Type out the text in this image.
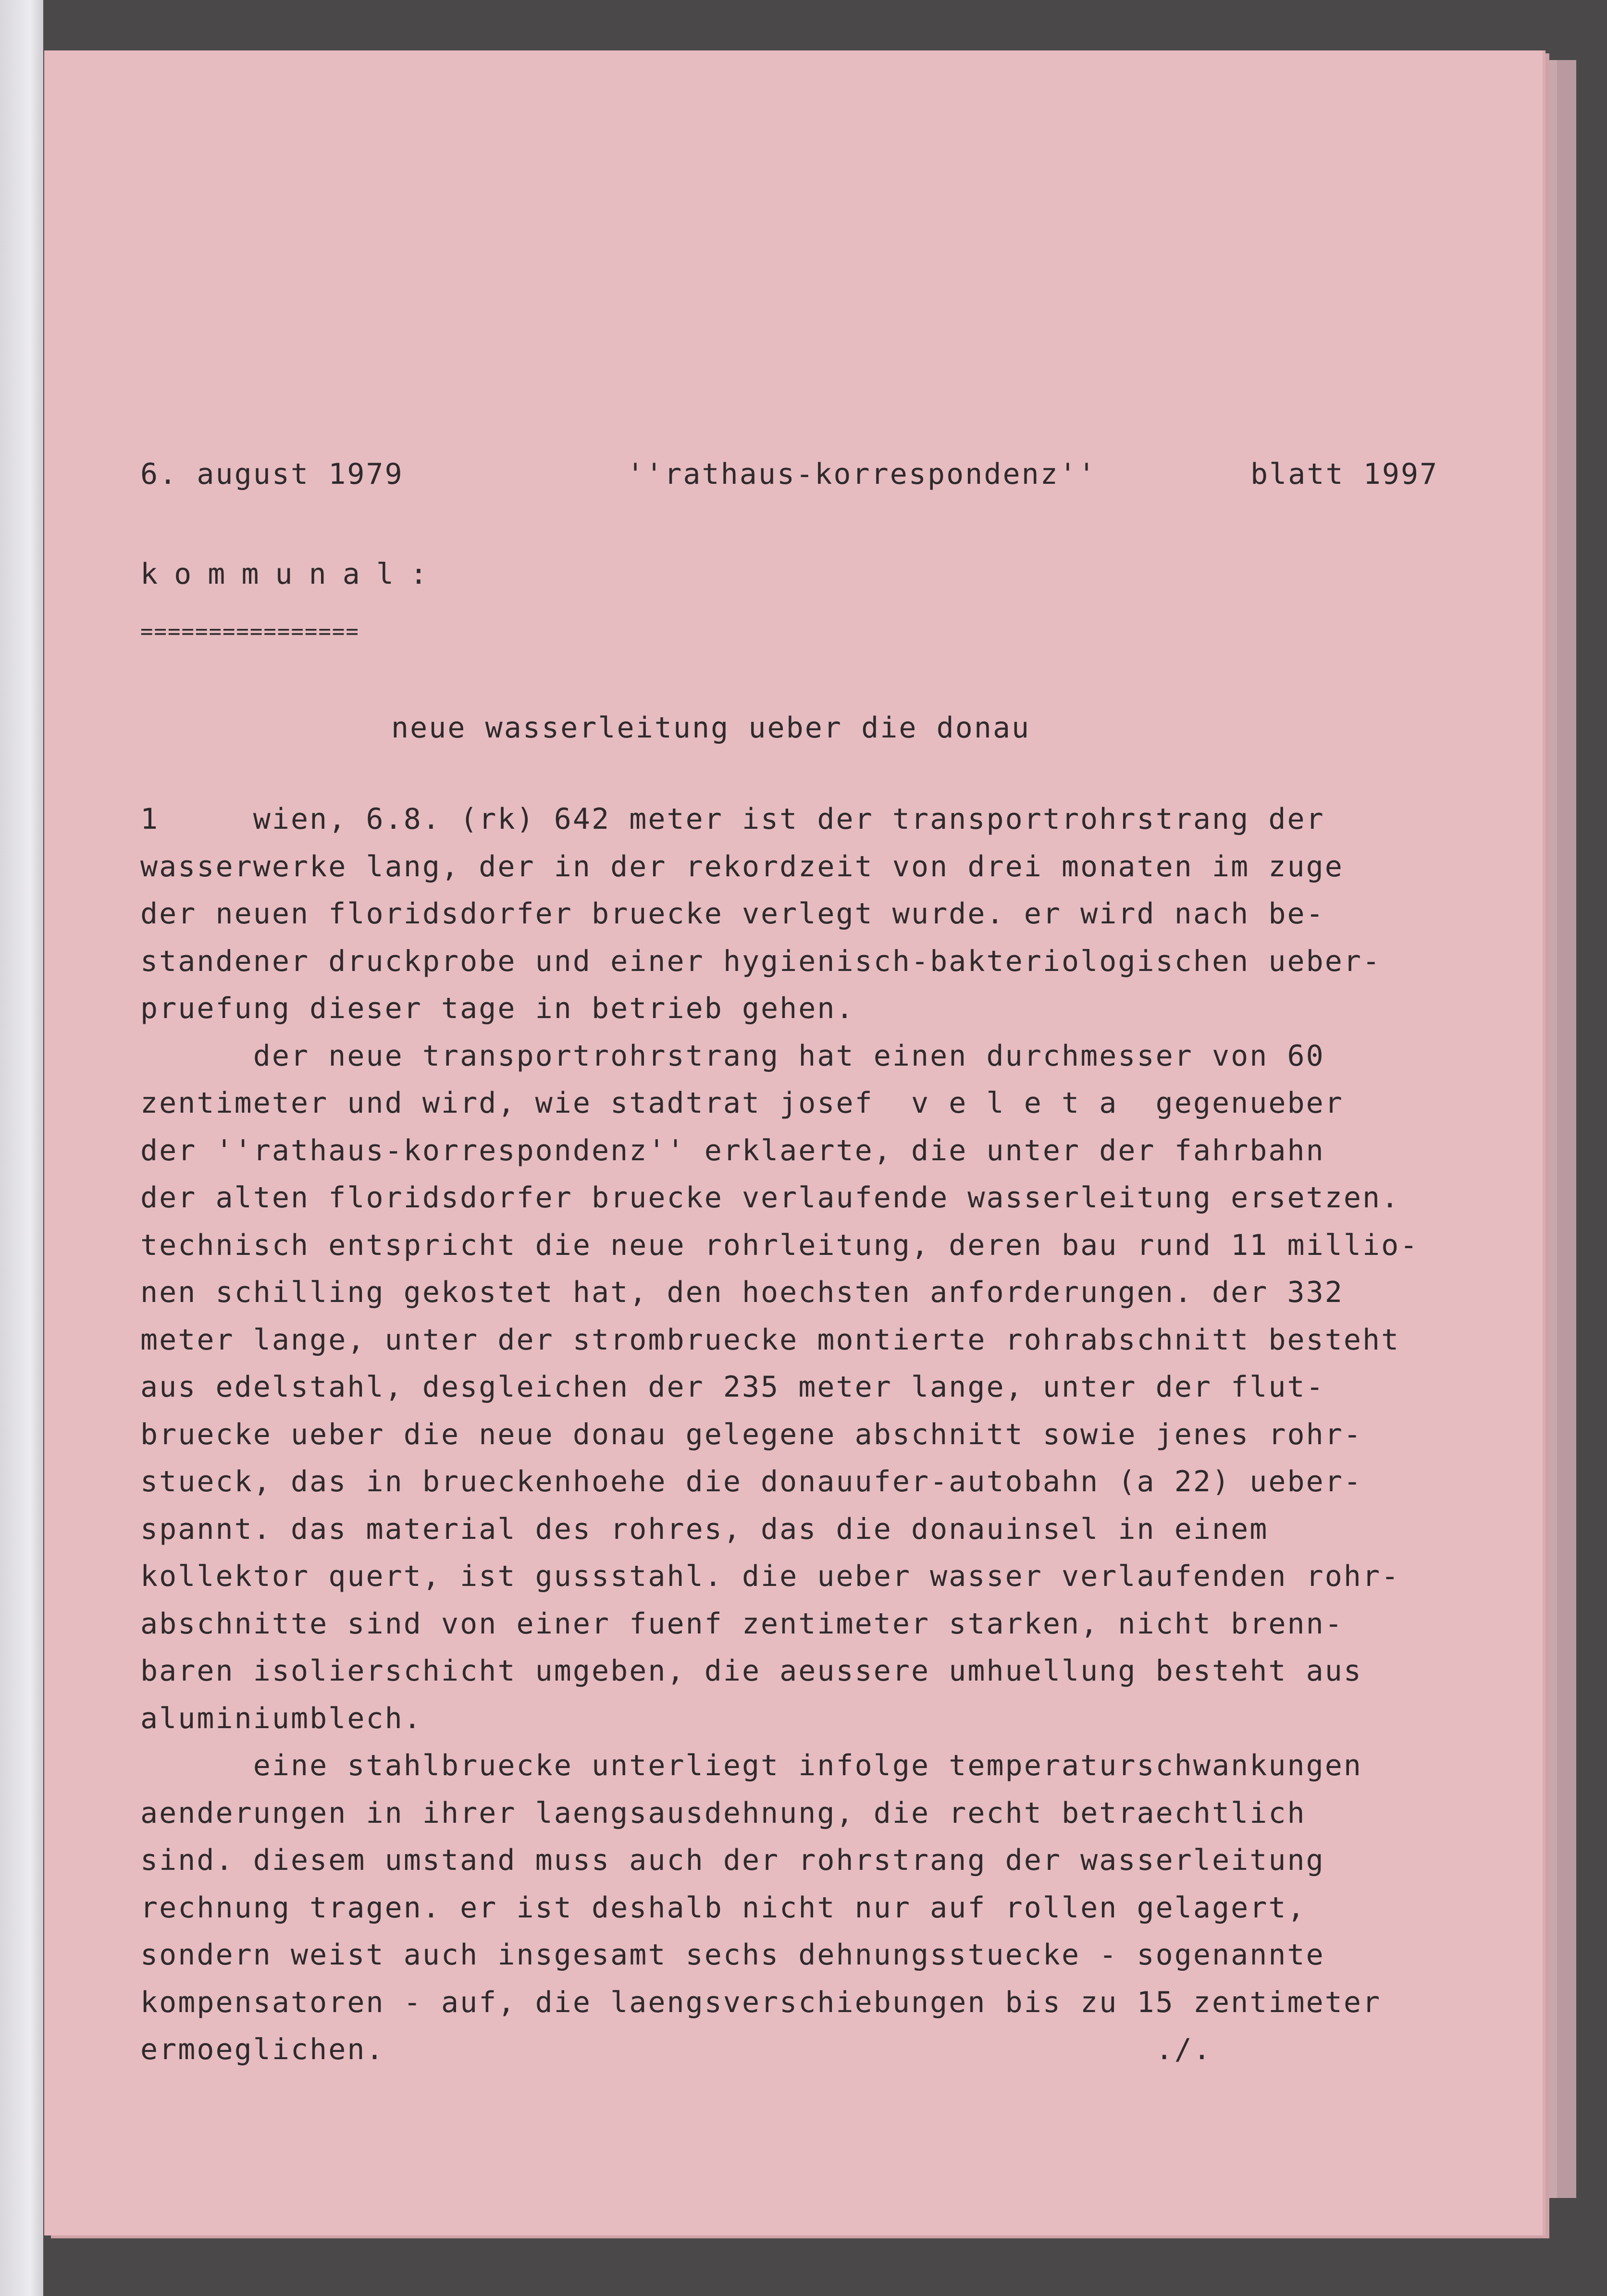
6. august 1979	''rathaus-korrespondenz''	blatt 1997
kommunal:
================
neue wasserleitung ueber die donau
1     wien, 6.8. (rk) 642 meter ist der transportrohrstrang der
wasserwerke lang, der in der rekordzeit von drei monaten im zuge
der neuen floridsdorfer bruecke verlegt wurde. er wird nach be-
standener druckprobe und einer hygienisch-bakteriologischen ueber-
pruefung dieser tage in betrieb gehen.
der neue transportrohrstrang hat einen durchmesser von 60
zentimeter und wird, wie stadtrat josef  v e l e t a  gegenueber
der ''rathaus-korrespondenz'' erklaerte, die unter der fahrbahn
der alten floridsdorfer bruecke verlaufende wasserleitung ersetzen.
technisch entspricht die neue rohrleitung, deren bau rund 11 millio-
nen schilling gekostet hat, den hoechsten anforderungen. der 332
meter lange, unter der strombruecke montierte rohrabschnitt besteht
aus edelstahl, desgleichen der 235 meter lange, unter der flut-
bruecke ueber die neue donau gelegene abschnitt sowie jenes rohr-
stueck, das in brueckenhoehe die donauufer-autobahn (a 22) ueber-
spannt. das material des rohres, das die donauinsel in einem
kollektor quert, ist gussstahl. die ueber wasser verlaufenden rohr-
abschnitte sind von einer fuenf zentimeter starken, nicht brenn-
baren isolierschicht umgeben, die aeussere umhuellung besteht aus
aluminiumblech.
eine stahlbruecke unterliegt infolge temperaturschwankungen
aenderungen in ihrer laengsausdehnung, die recht betraechtlich
sind. diesem umstand muss auch der rohrstrang der wasserleitung
rechnung tragen. er ist deshalb nicht nur auf rollen gelagert,
sondern weist auch insgesamt sechs dehnungsstuecke - sogenannte
kompensatoren - auf, die laengsverschiebungen bis zu 15 zentimeter
ermoeglichen.                                         ./.
